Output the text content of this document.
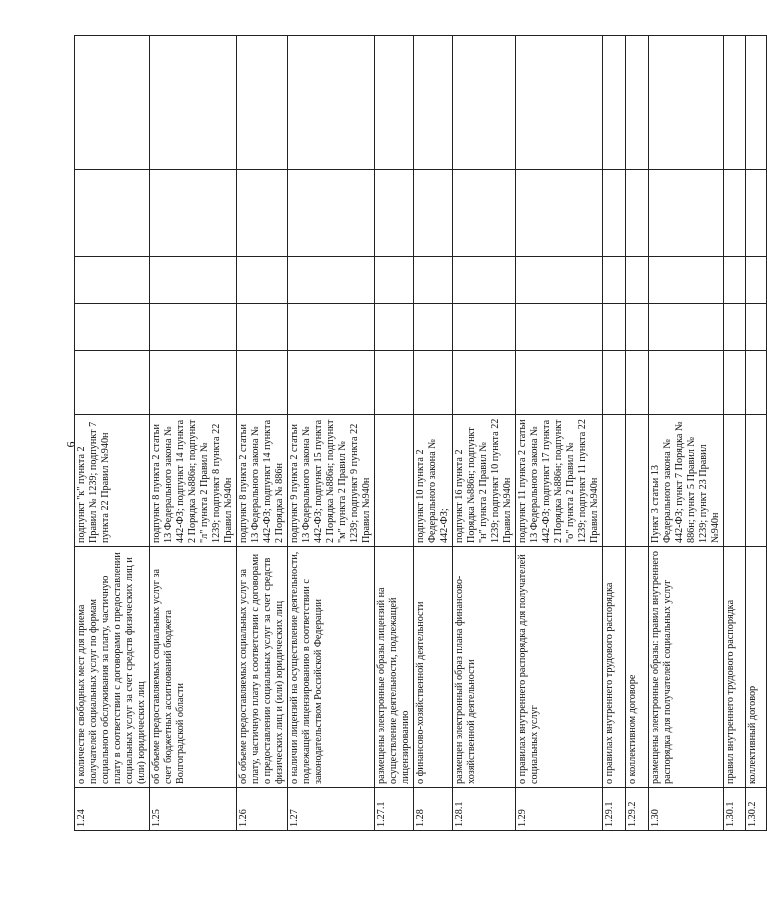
6
1.24	о количестве свободных мест для приема получателей социальных услуг по формам социального обслуживания за плату, частичную плату в соответствии с договорами о предоставлении социальных услуг за счет средств физических лиц и (или) юридических лиц	подпункт "к" пункта 2 Правил № 1239; подпункт 7 пункта 22 Правил №940н					
1.25	об объеме предоставляемых социальных услуг за счет бюджетных ассигнований бюджета Волгоградской области	подпункт 8 пункта 2 статьи 13 Федерального закона № 442-ФЗ; подпункт 14 пункта 2 Порядка №886н; подпункт "л" пункта 2 Правил № 1239; подпункт 8 пункта 22 Правил №940н					
1.26	об объеме предоставляемых социальных услуг за плату, частичную плату в соответствии с договорами о предоставлении социальных услуг за счет средств физических лиц и (или) юридических лиц	подпункт 8 пункта 2 статьи 13 Федерального закона № 442-ФЗ; подпункт 14 пункта 2 Порядка № 886н					
1.27	о наличии лицензий на осуществление деятельности, подлежащей лицензированию в соответствии с законодательством Российской Федерации	подпункт 9 пункта 2 статьи 13 Федерального закона № 442-ФЗ; подпункт 15 пункта 2 Порядка №886н; подпункт "м" пункта 2 Правил № 1239; подпункт 9 пункта 22 Правил №940н					
1.27.1	размещены электронные образы лицензий на осуществление деятельности, подлежащей лицензированию						
1.28	о финансово-хозяйственной деятельности	подпункт 10 пункта 2 Федерального закона № 442-ФЗ;					
1.28.1	размещен электронный образ плана финансово-хозяйственной деятельности	подпункт 16 пункта 2 Порядка №886н; подпункт "н" пункта 2 Правил № 1239; подпункт 10 пункта 22 Правил №940н					
1.29	о правилах внутреннего распорядка для получателей социальных услуг	подпункт 11 пункта 2 статьи 13 Федерального закона № 442-ФЗ; подпункт 17 пункта 2 Порядка №886н; подпункт "о" пункта 2 Правил № 1239; подпункт 11 пункта 22 Правил №940н					
1.29.1	о правилах внутреннего трудового распорядка						
1.29.2	о коллективном договоре						
1.30	размещены электронные образы: правил внутреннего распорядка для получателей социальных услуг	Пункт 3 статьи 13 Федерального закона № 442-ФЗ; пункт 7 Порядка № 886н; пункт 5 Правил № 1239; пункт 23 Правил №940н					
1.30.1	правил внутреннего трудового распорядка						
1.30.2	коллективный договор						
